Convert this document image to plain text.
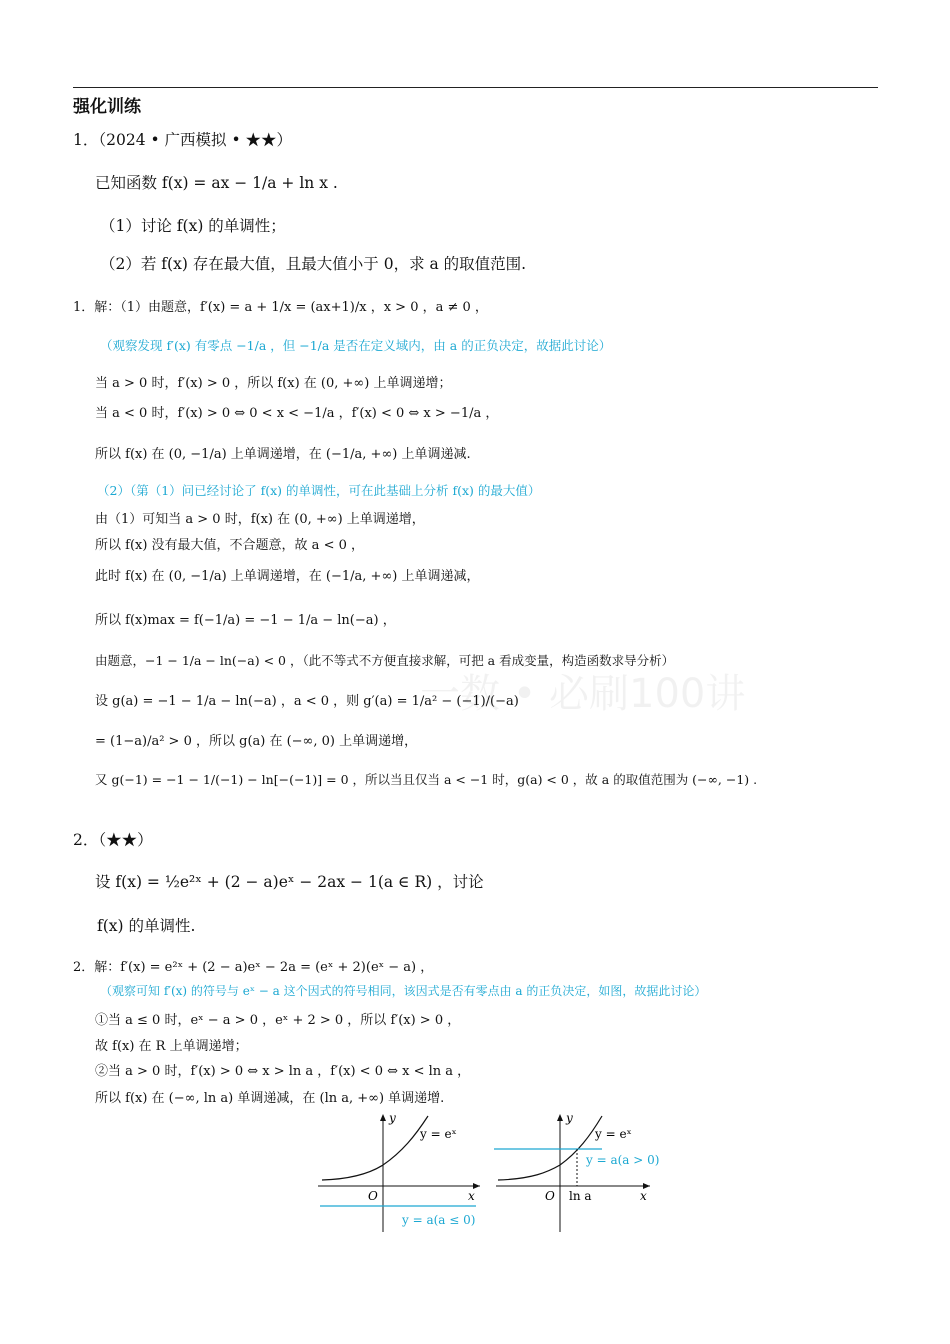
强化训练
1．（2024 • 广西模拟 • ★★）
已知函数 f(x) = ax − 1/a + ln x .
（1）讨论 f(x) 的单调性；
（2）若 f(x) 存在最大值，且最大值小于 0，求 a 的取值范围.
1．解：（1）由题意，f′(x) = a + 1/x = (ax+1)/x ，x > 0 ，a ≠ 0 ，
（观察发现 f′(x) 有零点 −1/a ，但 −1/a 是否在定义域内，由 a 的正负决定，故据此讨论）
当 a > 0 时，f′(x) > 0 ，所以 f(x) 在 (0, +∞) 上单调递增；
当 a < 0 时，f′(x) > 0 ⇔ 0 < x < −1/a ，f′(x) < 0 ⇔ x > −1/a ，
所以 f(x) 在 (0, −1/a) 上单调递增，在 (−1/a, +∞) 上单调递减.
（2）（第（1）问已经讨论了 f(x) 的单调性，可在此基础上分析 f(x) 的最大值）
由（1）可知当 a > 0 时，f(x) 在 (0, +∞) 上单调递增，
所以 f(x) 没有最大值，不合题意，故 a < 0 ，
此时 f(x) 在 (0, −1/a) 上单调递增，在 (−1/a, +∞) 上单调递减，
所以 f(x)max = f(−1/a) = −1 − 1/a − ln(−a) ，
由题意，−1 − 1/a − ln(−a) < 0 ，（此不等式不方便直接求解，可把 a 看成变量，构造函数求导分析）
设 g(a) = −1 − 1/a − ln(−a) ，a < 0 ，则 g′(a) = 1/a² − (−1)/(−a)
= (1−a)/a² > 0 ，所以 g(a) 在 (−∞, 0) 上单调递增，
又 g(−1) = −1 − 1/(−1) − ln[−(−1)] = 0 ，所以当且仅当 a < −1 时，g(a) < 0 ，故 a 的取值范围为 (−∞, −1) .
一数 • 必刷100讲
2．（★★）
设 f(x) = ½e²ˣ + (2 − a)eˣ − 2ax − 1(a ∈ R) ，讨论
f(x) 的单调性.
2．解：f′(x) = e²ˣ + (2 − a)eˣ − 2a = (eˣ + 2)(eˣ − a) ，
（观察可知 f′(x) 的符号与 eˣ − a 这个因式的符号相同，该因式是否有零点由 a 的正负决定，如图，故据此讨论）
①当 a ≤ 0 时，eˣ − a > 0 ，eˣ + 2 > 0 ，所以 f′(x) > 0 ，
故 f(x) 在 R 上单调递增；
②当 a > 0 时，f′(x) > 0 ⇔ x > ln a ，f′(x) < 0 ⇔ x < ln a ，
所以 f(x) 在 (−∞, ln a) 单调递减，在 (ln a, +∞) 单调递增.
O	x
y
y = eˣ
y = a(a ≤ 0)
O ln a	x
y
y = eˣ
y = a(a > 0)
